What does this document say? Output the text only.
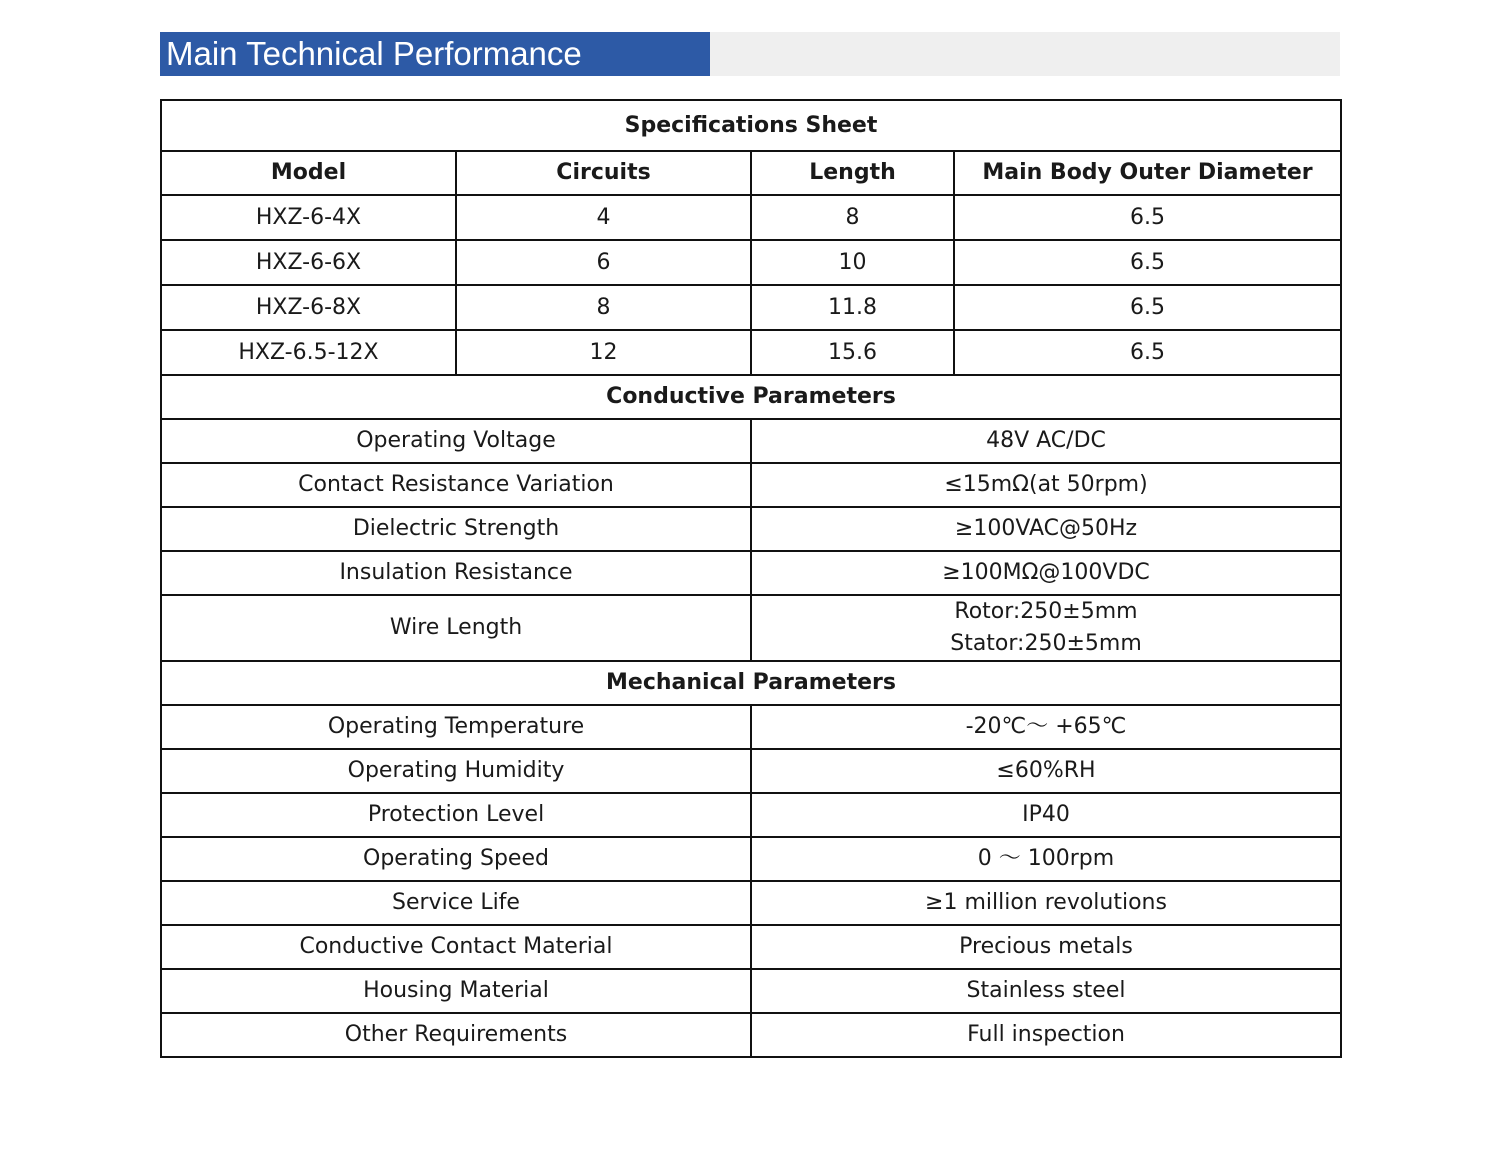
Main Technical Performance
Specifications Sheet			
Model	Circuits	Length	Main Body Outer Diameter
HXZ-6-4X	4	8	6.5
HXZ-6-6X	6	10	6.5
HXZ-6-8X	8	11.8	6.5
HXZ-6.5-12X	12	15.6	6.5
Conductive Parameters			
Operating Voltage		48V AC/DC	
Contact Resistance Variation		≤15mΩ(at 50rpm)	
Dielectric Strength		≥100VAC@50Hz	
Insulation Resistance		≥100MΩ@100VDC	
Wire Length		Rotor:250±5mm
Stator:250±5mm	

Mechanical Parameters			
Operating Temperature		-20℃～ +65℃	
Operating Humidity		≤60%RH	
Protection Level		IP40	
Operating Speed		0 ～ 100rpm	
Service Life		≥1 million revolutions	
Conductive Contact Material		Precious metals	
Housing Material		Stainless steel	
Other Requirements		Full inspection	
